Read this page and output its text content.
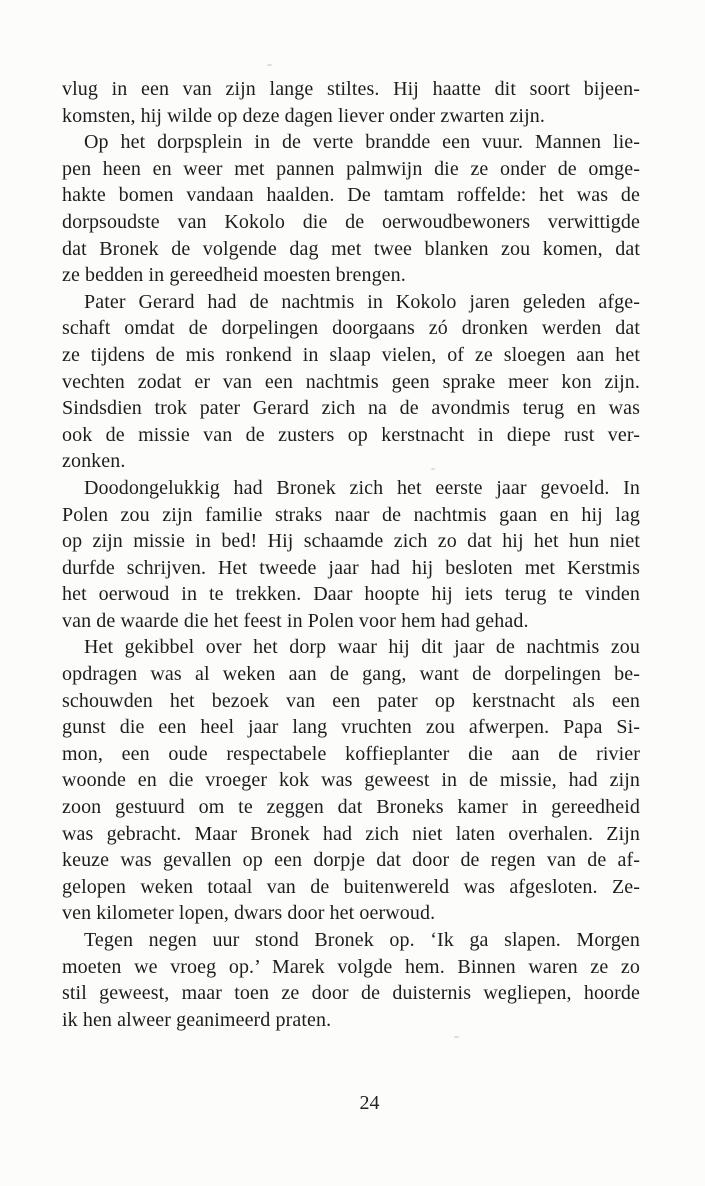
vlug in een van zijn lange stiltes. Hij haatte dit soort bijeen-
komsten, hij wilde op deze dagen liever onder zwarten zijn.
Op het dorpsplein in de verte brandde een vuur. Mannen lie-
pen heen en weer met pannen palmwijn die ze onder de omge-
hakte bomen vandaan haalden. De tamtam roffelde: het was de
dorpsoudste van Kokolo die de oerwoudbewoners verwittigde
dat Bronek de volgende dag met twee blanken zou komen, dat
ze bedden in gereedheid moesten brengen.
Pater Gerard had de nachtmis in Kokolo jaren geleden afge-
schaft omdat de dorpelingen doorgaans zó dronken werden dat
ze tijdens de mis ronkend in slaap vielen, of ze sloegen aan het
vechten zodat er van een nachtmis geen sprake meer kon zijn.
Sindsdien trok pater Gerard zich na de avondmis terug en was
ook de missie van de zusters op kerstnacht in diepe rust ver-
zonken.
Doodongelukkig had Bronek zich het eerste jaar gevoeld. In
Polen zou zijn familie straks naar de nachtmis gaan en hij lag
op zijn missie in bed! Hij schaamde zich zo dat hij het hun niet
durfde schrijven. Het tweede jaar had hij besloten met Kerstmis
het oerwoud in te trekken. Daar hoopte hij iets terug te vinden
van de waarde die het feest in Polen voor hem had gehad.
Het gekibbel over het dorp waar hij dit jaar de nachtmis zou
opdragen was al weken aan de gang, want de dorpelingen be-
schouwden het bezoek van een pater op kerstnacht als een
gunst die een heel jaar lang vruchten zou afwerpen. Papa Si-
mon, een oude respectabele koffieplanter die aan de rivier
woonde en die vroeger kok was geweest in de missie, had zijn
zoon gestuurd om te zeggen dat Broneks kamer in gereedheid
was gebracht. Maar Bronek had zich niet laten overhalen. Zijn
keuze was gevallen op een dorpje dat door de regen van de af-
gelopen weken totaal van de buitenwereld was afgesloten. Ze-
ven kilometer lopen, dwars door het oerwoud.
Tegen negen uur stond Bronek op. ‘Ik ga slapen. Morgen
moeten we vroeg op.’ Marek volgde hem. Binnen waren ze zo
stil geweest, maar toen ze door de duisternis wegliepen, hoorde
ik hen alweer geanimeerd praten.
24
